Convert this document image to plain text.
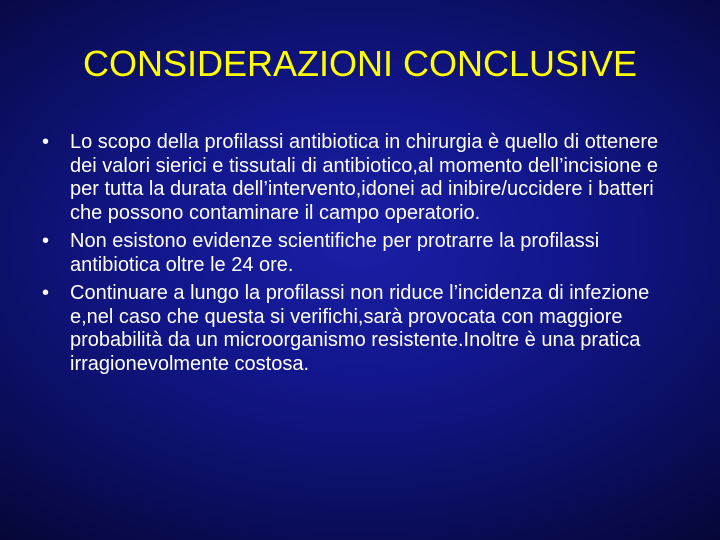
CONSIDERAZIONI CONCLUSIVE
•	Lo scopo della profilassi antibiotica in chirurgia è quello di ottenere dei valori sierici e tissutali di antibiotico,al momento dell’incisione e per tutta la durata dell’intervento,idonei ad inibire/uccidere i batteri che possono contaminare il campo operatorio.
•	Non esistono evidenze scientifiche per protrarre la profilassi antibiotica oltre le 24 ore.
•	Continuare a lungo la profilassi non riduce l’incidenza di infezione e,nel caso che questa si verifichi,sarà provocata con maggiore probabilità da un microorganismo resistente.Inoltre è una pratica irragionevolmente costosa.
